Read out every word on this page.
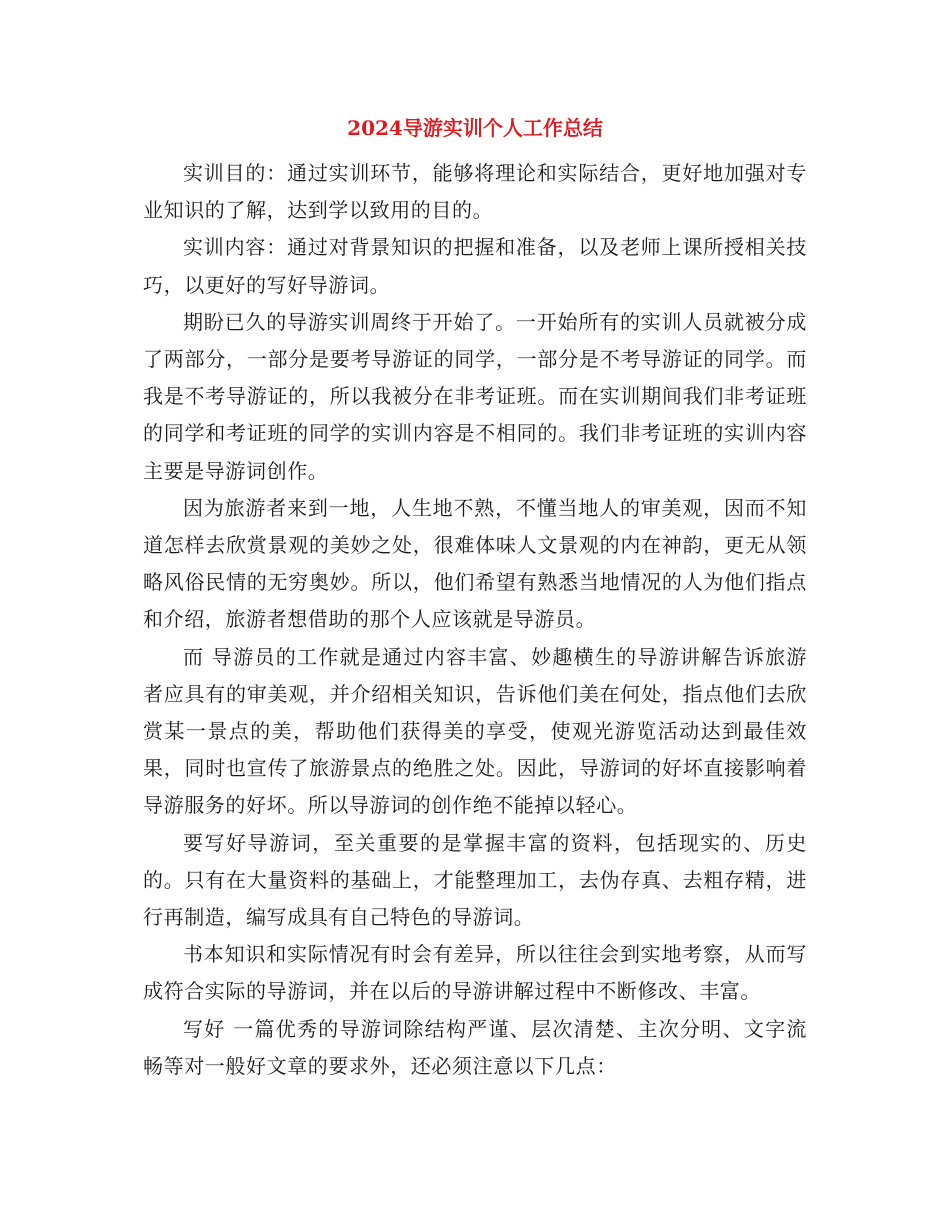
2024导游实训个人工作总结

实训目的：通过实训环节，能够将理论和实际结合，更好地加强对专业知识的了解，达到学以致用的目的。

实训内容：通过对背景知识的把握和准备，以及老师上课所授相关技巧，以更好的写好导游词。

期盼已久的导游实训周终于开始了。一开始所有的实训人员就被分成了两部分，一部分是要考导游证的同学，一部分是不考导游证的同学。而我是不考导游证的，所以我被分在非考证班。而在实训期间我们非考证班的同学和考证班的同学的实训内容是不相同的。我们非考证班的实训内容主要是导游词创作。

因为旅游者来到一地，人生地不熟，不懂当地人的审美观，因而不知道怎样去欣赏景观的美妙之处，很难体味人文景观的内在神韵，更无从领略风俗民情的无穷奥妙。所以，他们希望有熟悉当地情况的人为他们指点和介绍，旅游者想借助的那个人应该就是导游员。

而 导游员的工作就是通过内容丰富、妙趣横生的导游讲解告诉旅游者应具有的审美观，并介绍相关知识，告诉他们美在何处，指点他们去欣赏某一景点的美，帮助他们获得美的享受，使观光游览活动达到最佳效果，同时也宣传了旅游景点的绝胜之处。因此，导游词的好坏直接影响着导游服务的好坏。所以导游词的创作绝不能掉以轻心。

要写好导游词，至关重要的是掌握丰富的资料，包括现实的、历史的。只有在大量资料的基础上，才能整理加工，去伪存真、去粗存精，进行再制造，编写成具有自己特色的导游词。

书本知识和实际情况有时会有差异，所以往往会到实地考察，从而写成符合实际的导游词，并在以后的导游讲解过程中不断修改、丰富。

写好 一篇优秀的导游词除结构严谨、层次清楚、主次分明、文字流畅等对一般好文章的要求外，还必须注意以下几点：
